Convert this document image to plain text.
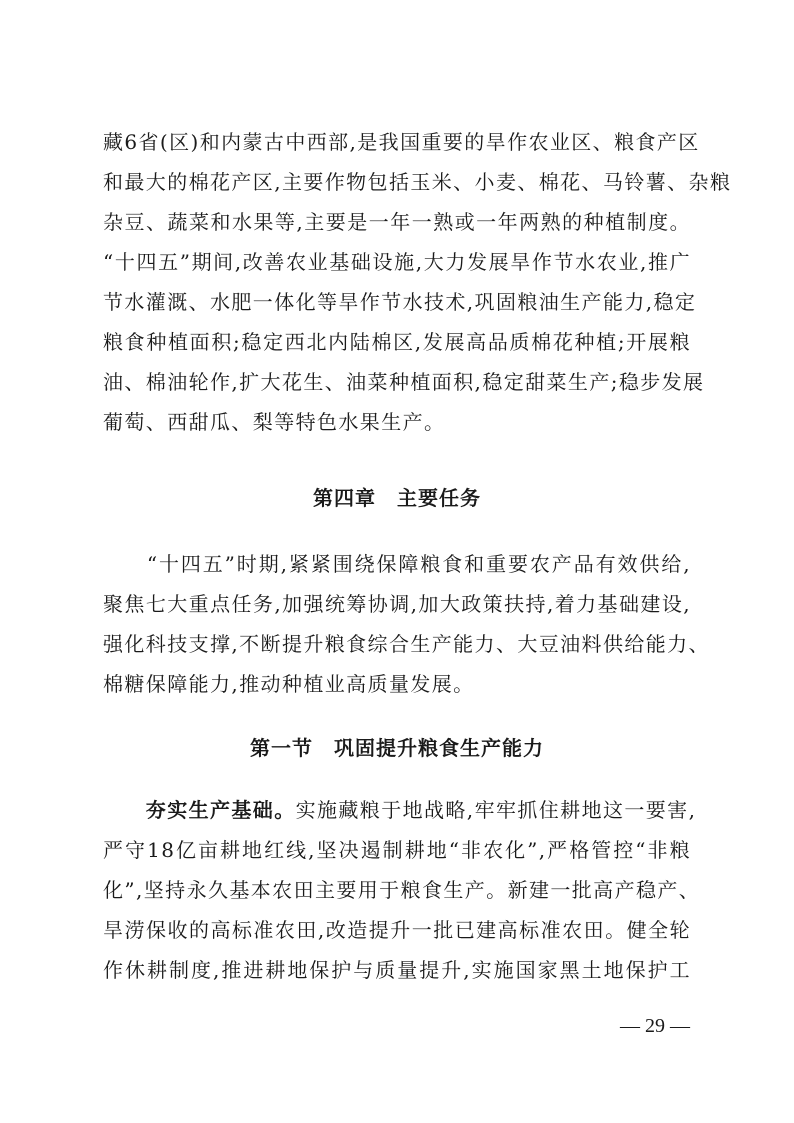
藏6省(区)和内蒙古中西部,是我国重要的旱作农业区、粮食产区
和最大的棉花产区,主要作物包括玉米、小麦、棉花、马铃薯、杂粮
杂豆、蔬菜和水果等,主要是一年一熟或一年两熟的种植制度。
“十四五”期间,改善农业基础设施,大力发展旱作节水农业,推广
节水灌溉、水肥一体化等旱作节水技术,巩固粮油生产能力,稳定
粮食种植面积;稳定西北内陆棉区,发展高品质棉花种植;开展粮
油、棉油轮作,扩大花生、油菜种植面积,稳定甜菜生产;稳步发展
葡萄、西甜瓜、梨等特色水果生产。
第四章　主要任务
　　“十四五”时期,紧紧围绕保障粮食和重要农产品有效供给,
聚焦七大重点任务,加强统筹协调,加大政策扶持,着力基础建设,
强化科技支撑,不断提升粮食综合生产能力、大豆油料供给能力、
棉糖保障能力,推动种植业高质量发展。
第一节　巩固提升粮食生产能力
　　夯实生产基础。实施藏粮于地战略,牢牢抓住耕地这一要害,
严守18亿亩耕地红线,坚决遏制耕地“非农化”,严格管控“非粮
化”,坚持永久基本农田主要用于粮食生产。新建一批高产稳产、
旱涝保收的高标准农田,改造提升一批已建高标准农田。健全轮
作休耕制度,推进耕地保护与质量提升,实施国家黑土地保护工
— 29 —
